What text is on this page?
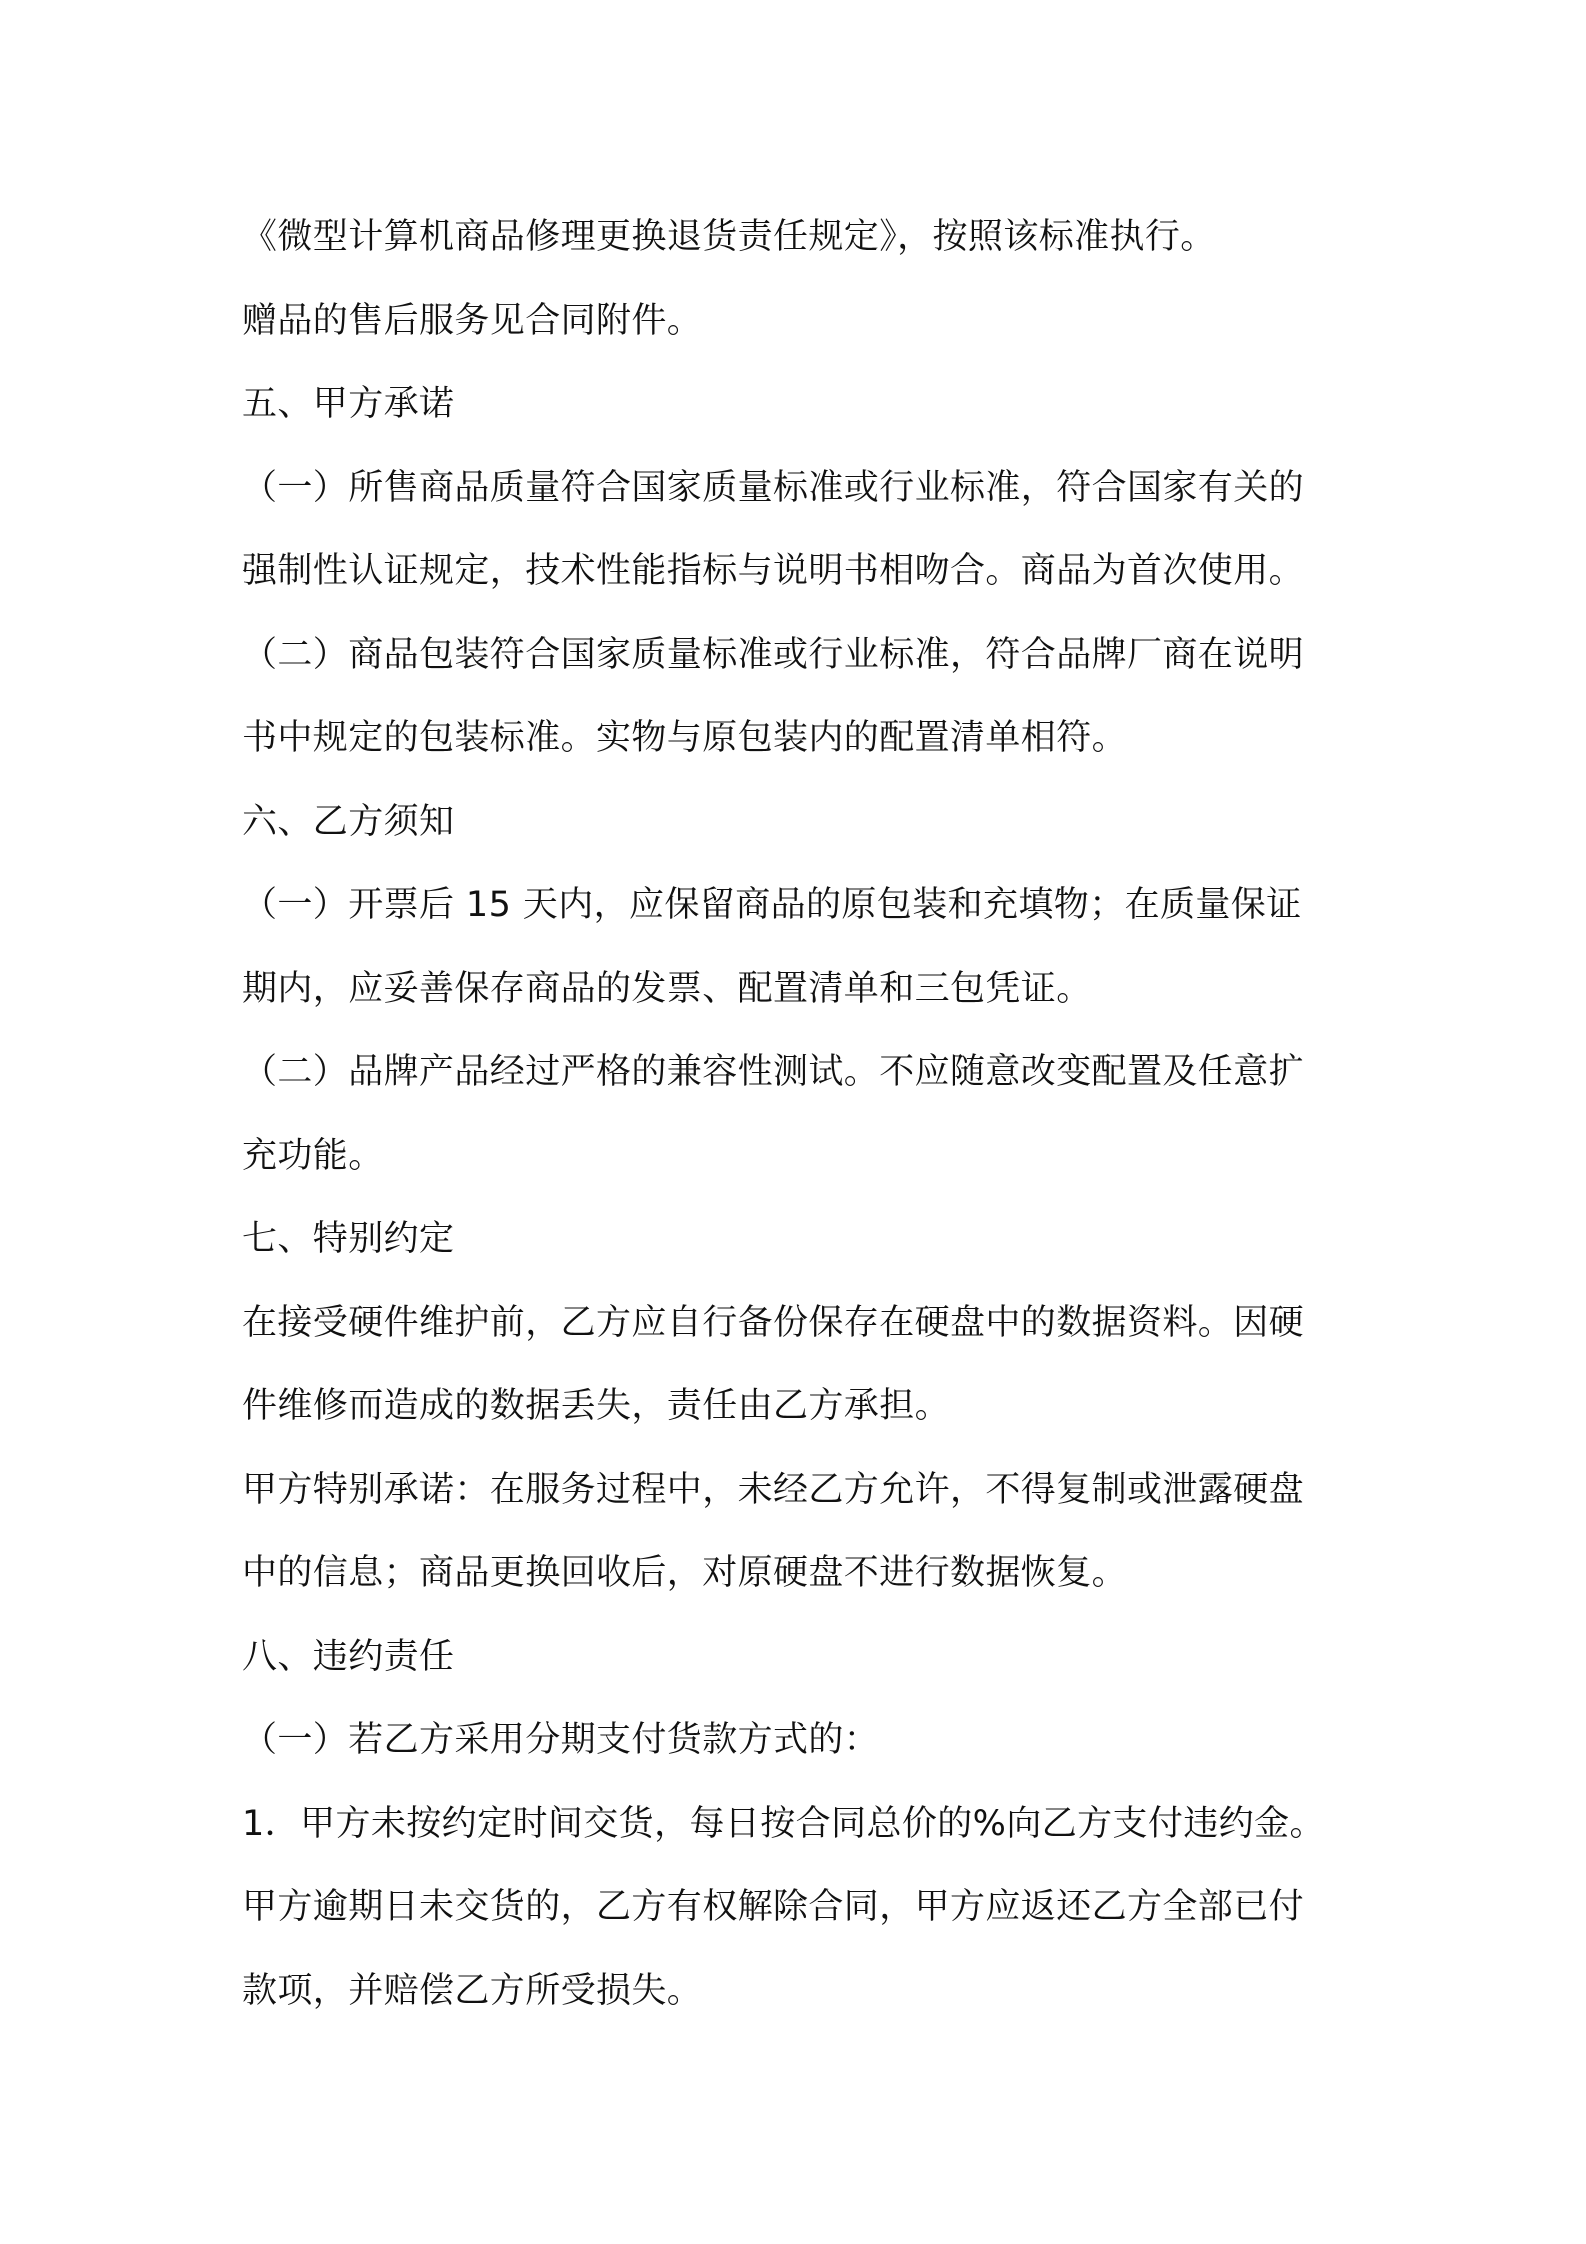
《微型计算机商品修理更换退货责任规定》，按照该标准执行。
赠品的售后服务见合同附件。
五、甲方承诺
（一）所售商品质量符合国家质量标准或行业标准，符合国家有关的
强制性认证规定，技术性能指标与说明书相吻合。商品为首次使用。
（二）商品包装符合国家质量标准或行业标准，符合品牌厂商在说明
书中规定的包装标准。实物与原包装内的配置清单相符。
六、乙方须知
（一）开票后 15 天内，应保留商品的原包装和充填物；在质量保证
期内，应妥善保存商品的发票、配置清单和三包凭证。
（二）品牌产品经过严格的兼容性测试。不应随意改变配置及任意扩
充功能。
七、特别约定
在接受硬件维护前，乙方应自行备份保存在硬盘中的数据资料。因硬
件维修而造成的数据丢失，责任由乙方承担。
甲方特别承诺：在服务过程中，未经乙方允许，不得复制或泄露硬盘
中的信息；商品更换回收后，对原硬盘不进行数据恢复。
八、违约责任
（一）若乙方采用分期支付货款方式的：
1．甲方未按约定时间交货，每日按合同总价的%向乙方支付违约金。
甲方逾期日未交货的，乙方有权解除合同，甲方应返还乙方全部已付
款项，并赔偿乙方所受损失。
